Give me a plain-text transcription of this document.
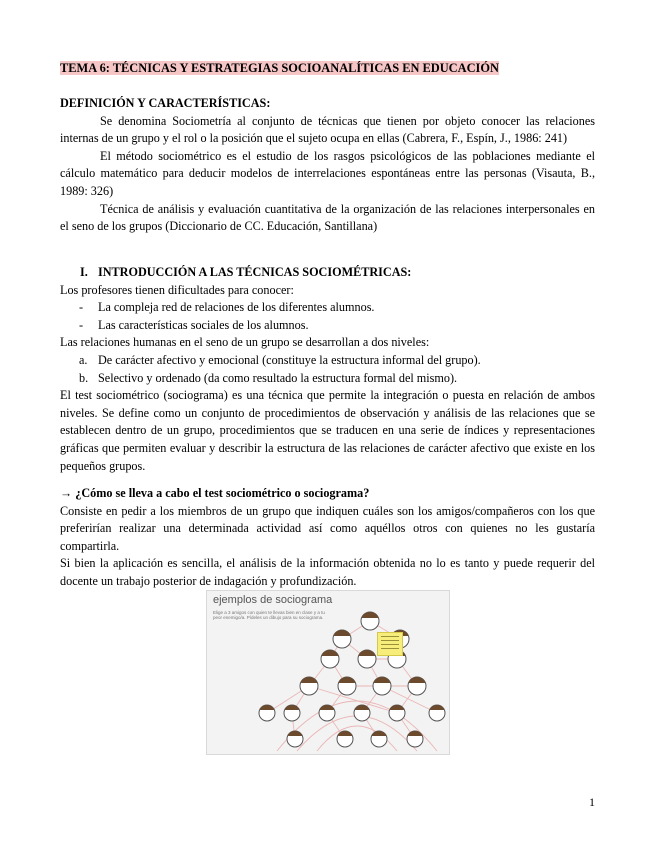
TEMA 6: TÉCNICAS Y ESTRATEGIAS SOCIOANALÍTICAS EN EDUCACIÓN
DEFINICIÓN Y CARACTERÍSTICAS:

Se denomina Sociometría al conjunto de técnicas que tienen por objeto conocer las relaciones internas de un grupo y el rol o la posición que el sujeto ocupa en ellas (Cabrera, F., Espín, J., 1986: 241)

El método sociométrico es el estudio de los rasgos psicológicos de las poblaciones mediante el cálculo matemático para deducir modelos de interrelaciones espontáneas entre las personas (Visauta, B., 1989: 326)

Técnica de análisis y evaluación cuantitativa de la organización de las relaciones interpersonales en el seno de los grupos (Diccionario de CC. Educación, Santillana)

I. INTRODUCCIÓN A LAS TÉCNICAS SOCIOMÉTRICAS:

Los profesores tienen dificultades para conocer:

- La compleja red de relaciones de los diferentes alumnos.

- Las características sociales de los alumnos.

Las relaciones humanas en el seno de un grupo se desarrollan a dos niveles:

a. De carácter afectivo y emocional (constituye la estructura informal del grupo).

b. Selectivo y ordenado (da como resultado la estructura formal del mismo).

El test sociométrico (sociograma) es una técnica que permite la integración o puesta en relación de ambos niveles. Se define como un conjunto de procedimientos de observación y análisis de las relaciones que se establecen dentro de un grupo, procedimientos que se traducen en una serie de índices y representaciones gráficas que permiten evaluar y describir la estructura de las relaciones de carácter afectivo que existe en los pequeños grupos.

→ ¿Cómo se lleva a cabo el test sociométrico o sociograma?

Consiste en pedir a los miembros de un grupo que indiquen cuáles son los amigos/compañeros con los que preferirían realizar una determinada actividad así como aquéllos otros con quienes no les gustaría compartirla.

Si bien la aplicación es sencilla, el análisis de la información obtenida no lo es tanto y puede requerir del docente un trabajo posterior de indagación y profundización.

ejemplos de sociograma
Elige a 3 amigos con quien te llevas bien en clase y a tu peor enemigo/a. Pídeles un dibujo para su sociograma.
1
